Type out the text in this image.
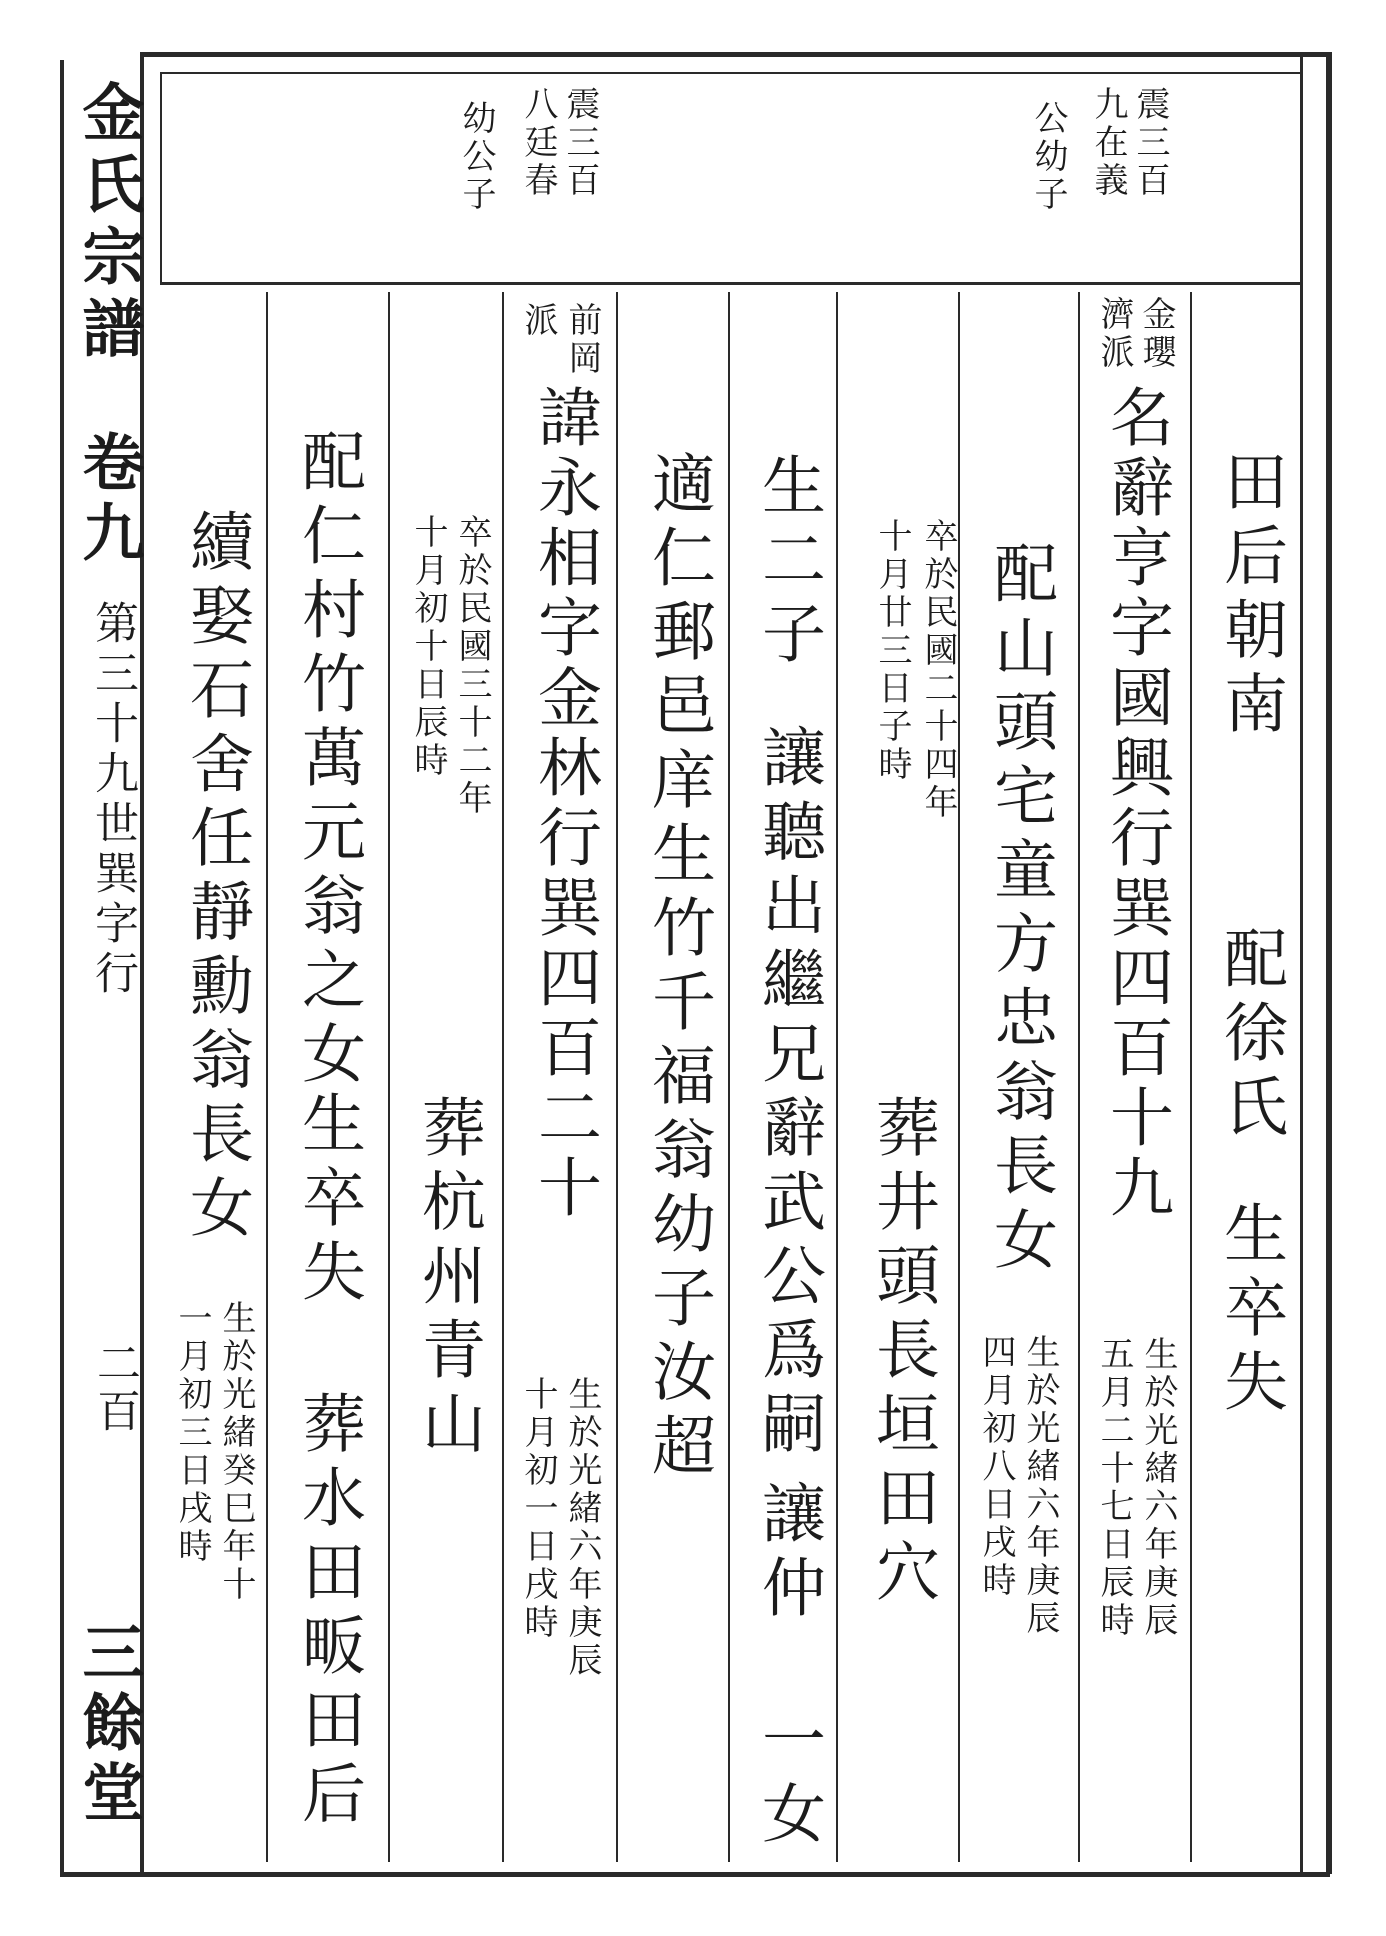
金氏宗譜
卷九
第三十九世巽字行
二百
三餘堂
震三百
九在義
公幼子
震三百
八廷春
幼公子
田后朝南
配徐氏
生卒失
金瓔
濟派
名辭亨字國興行巽四百十九
生於光緒六年庚辰
五月二十七日辰時
配山頭宅童方忠翁長女
生於光緒六年庚辰
四月初八日戌時
卒於民國二十四年
十月廿三日子時
葬井頭長垣田穴
生二子
讓聽出繼兄辭武公爲嗣
讓仲
一女
適仁郵邑庠生竹千福翁幼子汝超
前岡
派
諱永相字金林行巽四百二十
生於光緒六年庚辰
十月初一日戌時
卒於民國三十二年
十月初十日辰時
葬杭州青山
配仁村竹萬元翁之女
生卒失
葬水田畈田后
續娶石舍任靜勳翁長女
生於光緒癸巳年十
一月初三日戌時
